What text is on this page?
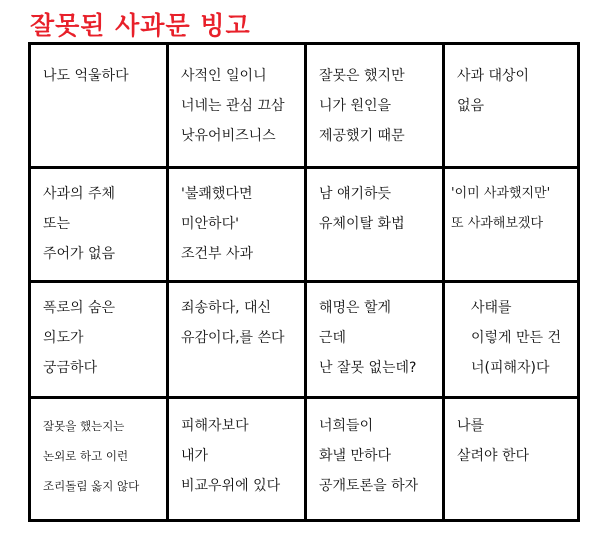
잘못된 사과문 빙고
나도 억울하다	사적인 일이니
너네는 관심 끄삼
낫유어비즈니스
잘못은 했지만
니가 원인을
제공했기 때문
사과 대상이
없음
사과의 주체
또는
주어가 없음
'불쾌했다면
미안하다'
조건부 사과
남 얘기하듯
유체이탈 화법
'이미 사과했지만'
또 사과해보겠다
폭로의 숨은
의도가
궁금하다
죄송하다, 대신
유감이다,를 쓴다
해명은 할게
근데
난 잘못 없는데?
사태를
이렇게 만든 건
너(피해자)다
잘못을 했는지는
논외로 하고 이런
조리돌림 옳지 않다
피해자보다
내가
비교우위에 있다
너희들이
화낼 만하다
공개토론을 하자
나를
살려야 한다
